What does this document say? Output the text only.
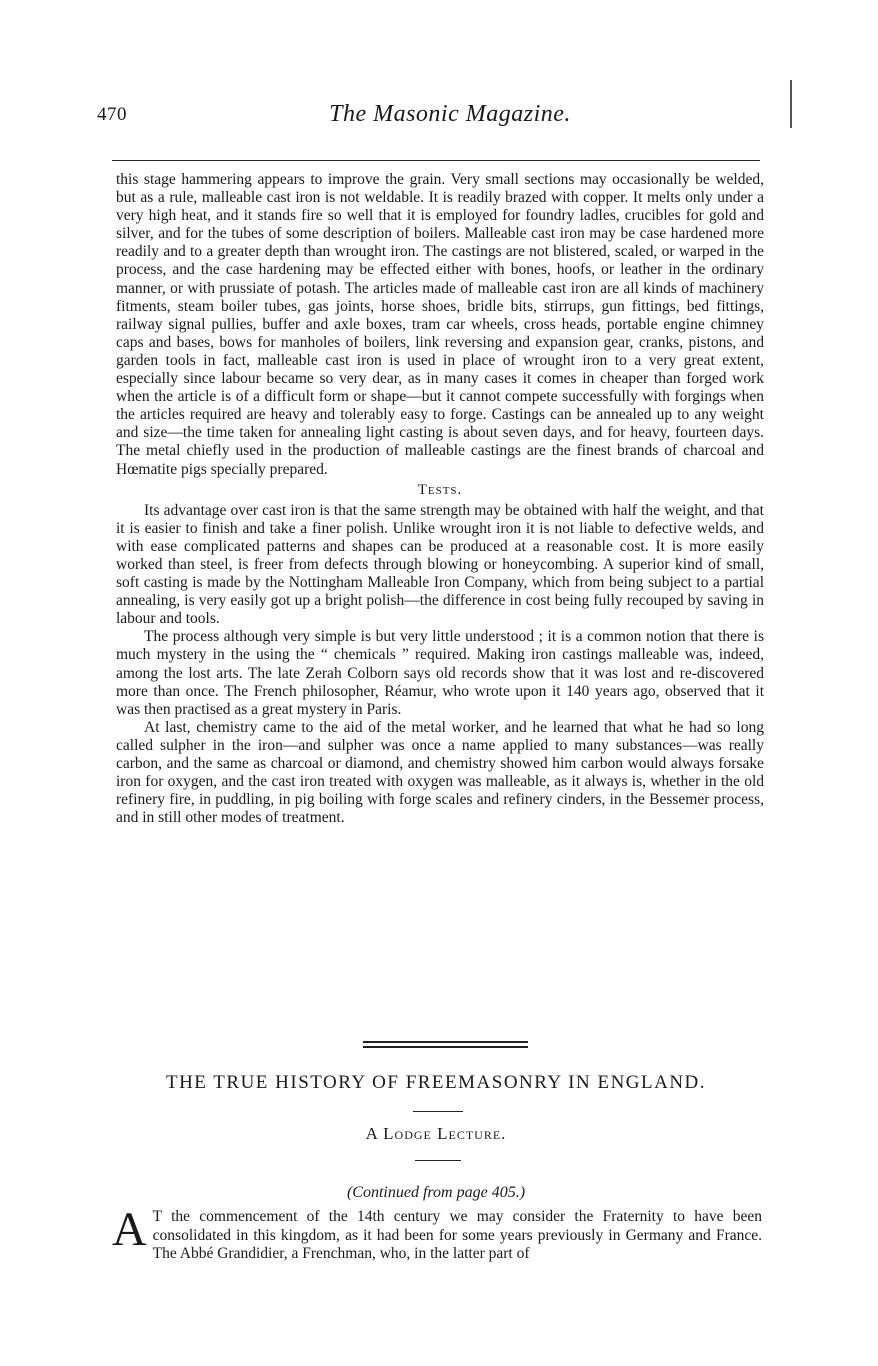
470	The Masonic Magazine.

this stage hammering appears to improve the grain. Very small sections may occasionally be welded, but as a rule, malleable cast iron is not weldable. It is readily brazed with copper. It melts only under a very high heat, and it stands fire so well that it is employed for foundry ladles, crucibles for gold and silver, and for the tubes of some description of boilers. Malleable cast iron may be case hardened more readily and to a greater depth than wrought iron. The castings are not blistered, scaled, or warped in the process, and the case hardening may be effected either with bones, hoofs, or leather in the ordinary manner, or with prussiate of potash. The articles made of malleable cast iron are all kinds of machinery fitments, steam boiler tubes, gas joints, horse shoes, bridle bits, stirrups, gun fittings, bed fittings, railway signal pullies, buffer and axle boxes, tram car wheels, cross heads, portable engine chimney caps and bases, bows for manholes of boilers, link reversing and expansion gear, cranks, pistons, and garden tools in fact, malleable cast iron is used in place of wrought iron to a very great extent, especially since labour became so very dear, as in many cases it comes in cheaper than forged work when the article is of a difficult form or shape—but it cannot compete successfully with forgings when the articles required are heavy and tolerably easy to forge. Castings can be annealed up to any weight and size—the time taken for annealing light casting is about seven days, and for heavy, fourteen days. The metal chiefly used in the production of malleable castings are the finest brands of charcoal and Hœmatite pigs specially prepared.

Tests.

Its advantage over cast iron is that the same strength may be obtained with half the weight, and that it is easier to finish and take a finer polish. Unlike wrought iron it is not liable to defective welds, and with ease complicated patterns and shapes can be produced at a reasonable cost. It is more easily worked than steel, is freer from defects through blowing or honeycombing. A superior kind of small, soft casting is made by the Nottingham Malleable Iron Company, which from being subject to a partial annealing, is very easily got up a bright polish—the difference in cost being fully recouped by saving in labour and tools.

The process although very simple is but very little understood ; it is a common notion that there is much mystery in the using the “ chemicals ” required. Making iron castings malleable was, indeed, among the lost arts. The late Zerah Colborn says old records show that it was lost and re-discovered more than once. The French philosopher, Réamur, who wrote upon it 140 years ago, observed that it was then practised as a great mystery in Paris.

At last, chemistry came to the aid of the metal worker, and he learned that what he had so long called sulpher in the iron—and sulpher was once a name applied to many substances—was really carbon, and the same as charcoal or diamond, and chemistry showed him carbon would always forsake iron for oxygen, and the cast iron treated with oxygen was malleable, as it always is, whether in the old refinery fire, in puddling, in pig boiling with forge scales and refinery cinders, in the Bessemer process, and in still other modes of treatment.

THE TRUE HISTORY OF FREEMASONRY IN ENGLAND.
A Lodge Lecture.
(Continued from page 405.)

A T the commencement of the 14th century we may consider the Fraternity to have been consolidated in this kingdom, as it had been for some years previously in Germany and France. The Abbé Grandidier, a Frenchman, who, in the latter part of
